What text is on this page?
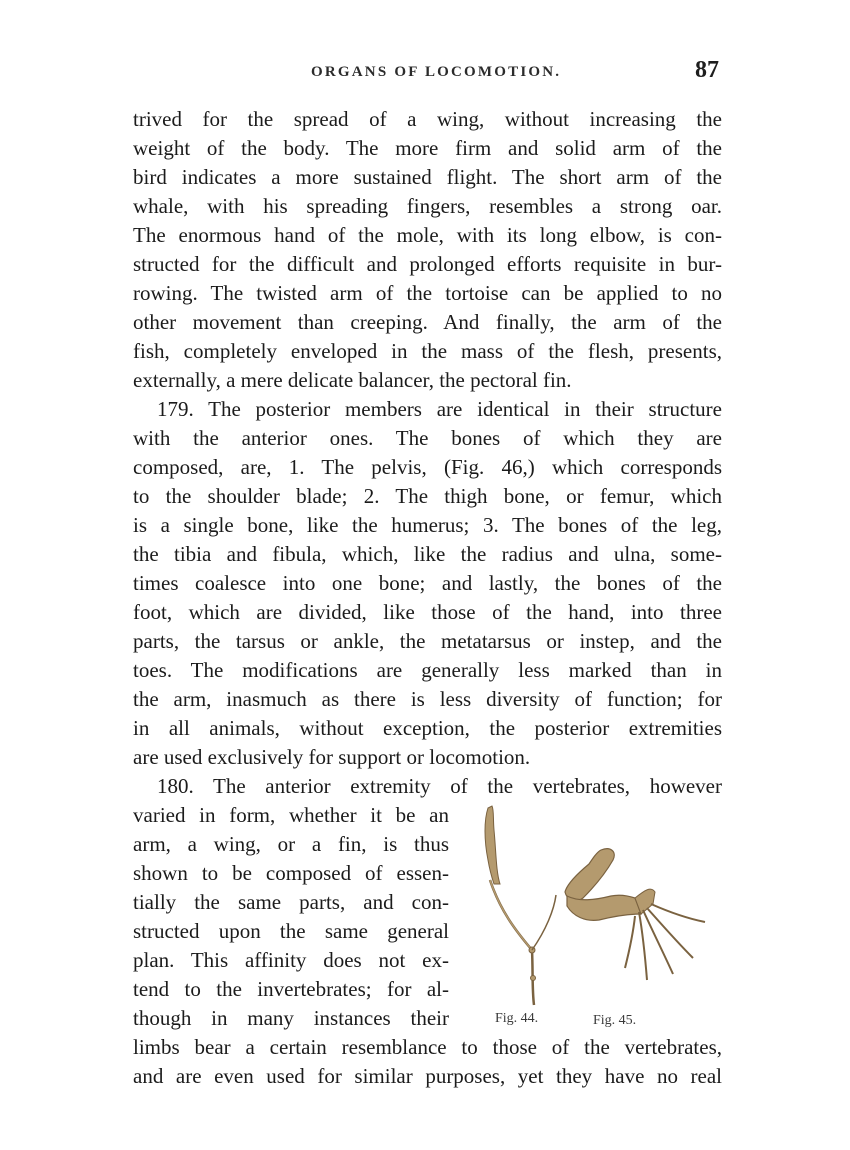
ORGANS OF LOCOMOTION.	87
trived for the spread of a wing, without increasing the
weight of the body. The more firm and solid arm of the
bird indicates a more sustained flight. The short arm of the
whale, with his spreading fingers, resembles a strong oar.
The enormous hand of the mole, with its long elbow, is con-
structed for the difficult and prolonged efforts requisite in bur-
rowing. The twisted arm of the tortoise can be applied to no
other movement than creeping. And finally, the arm of the
fish, completely enveloped in the mass of the flesh, presents,
externally, a mere delicate balancer, the pectoral fin.
179. The posterior members are identical in their structure
with the anterior ones. The bones of which they are
composed, are, 1. The pelvis, (Fig. 46,) which corresponds
to the shoulder blade; 2. The thigh bone, or femur, which
is a single bone, like the humerus; 3. The bones of the leg,
the tibia and fibula, which, like the radius and ulna, some-
times coalesce into one bone; and lastly, the bones of the
foot, which are divided, like those of the hand, into three
parts, the tarsus or ankle, the metatarsus or instep, and the
toes. The modifications are generally less marked than in
the arm, inasmuch as there is less diversity of function; for
in all animals, without exception, the posterior extremities
are used exclusively for support or locomotion.
180. The anterior extremity of the vertebrates, however
varied in form, whether it be an
arm, a wing, or a fin, is thus
shown to be composed of essen-
tially the same parts, and con-
structed upon the same general
plan. This affinity does not ex-
tend to the invertebrates; for al-
though in many instances their
limbs bear a certain resemblance to those of the vertebrates,
and are even used for similar purposes, yet they have no real
Fig. 44.	Fig. 45.
